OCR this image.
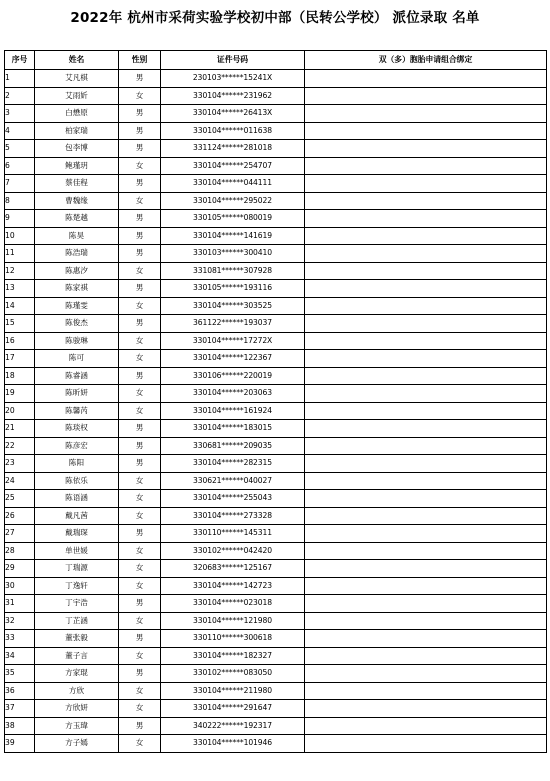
2022年 杭州市采荷实验学校初中部（民转公学校） 派位录取 名单
序号	姓名	性别	证件号码	双（多）胞胎申请组合绑定
1	艾凡棋	男	230103******15241X	
2	艾雨妡	女	330104******231962	
3	白懋原	男	330104******26413X	
4	柏家瑞	男	330104******011638	
5	包李博	男	331124******281018	
6	鲍瑾玥	女	330104******254707	
7	蔡佳程	男	330104******044111	
8	曹魏缘	女	330104******295022	
9	陈楚越	男	330105******080019	
10	陈昊	男	330104******141619	
11	陈浩瑞	男	330103******300410	
12	陈惠汐	女	331081******307928	
13	陈家祺	男	330105******193116	
14	陈瑾雯	女	330104******303525	
15	陈俊杰	男	361122******193037	
16	陈骏琳	女	330104******17272X	
17	陈可	女	330104******122367	
18	陈睿涵	男	330106******220019	
19	陈昕妍	女	330104******203063	
20	陈馨芮	女	330104******161924	
21	陈琰权	男	330104******183015	
22	陈彦宏	男	330681******209035	
23	陈阳	男	330104******282315	
24	陈依乐	女	330621******040027	
25	陈语涵	女	330104******255043	
26	戴凡茜	女	330104******273328	
27	戴瑞琛	男	330110******145311	
28	单世媛	女	330102******042420	
29	丁瑞源	女	320683******125167	
30	丁逸轩	女	330104******142723	
31	丁宇浩	男	330104******023018	
32	丁芷涵	女	330104******121980	
33	董张毅	男	330110******300618	
34	董子言	女	330104******182327	
35	方家琨	男	330102******083050	
36	方欣	女	330104******211980	
37	方欣妍	女	330104******291647	
38	方玉瑋	男	340222******192317	
39	方子嫣	女	330104******101946	
